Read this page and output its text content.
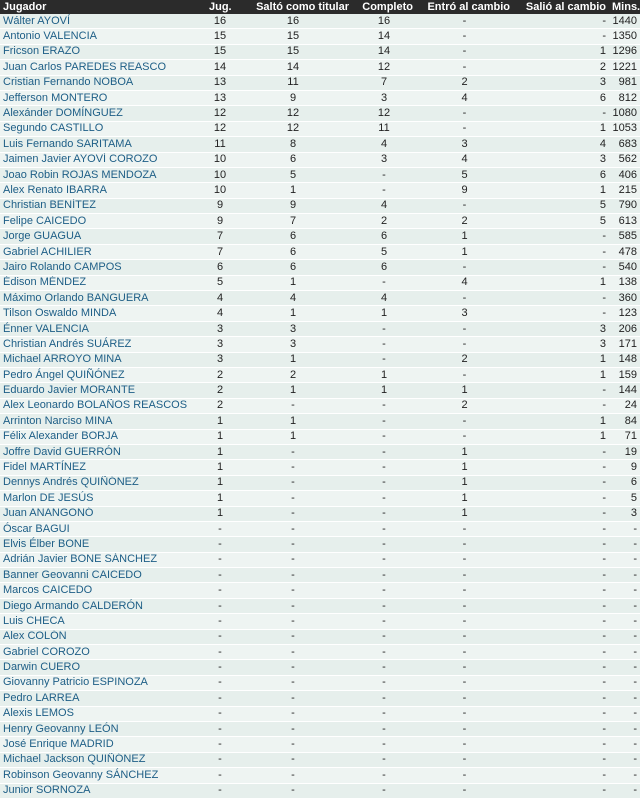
Jugador	Jug.	Saltó como titular	Completo	Entró al cambio	Salió al cambio	Mins.
Wálter AYOVÍ	16	16	16	-	-	1440
Antonio VALENCIA	15	15	14	-	-	1350
Fricson ERAZO	15	15	14	-	1	1296
Juan Carlos PAREDES REASCO	14	14	12	-	2	1221
Cristian Fernando NOBOA	13	11	7	2	3	981
Jefferson MONTERO	13	9	3	4	6	812
Alexánder DOMÍNGUEZ	12	12	12	-	-	1080
Segundo CASTILLO	12	12	11	-	1	1053
Luis Fernando SARITAMA	11	8	4	3	4	683
Jaimen Javier AYOVÍ COROZO	10	6	3	4	3	562
Joao Robin ROJAS MENDOZA	10	5	-	5	6	406
Alex Renato IBARRA	10	1	-	9	1	215
Christian BENÍTEZ	9	9	4	-	5	790
Felipe CAICEDO	9	7	2	2	5	613
Jorge GUAGUA	7	6	6	1	-	585
Gabriel ACHILIER	7	6	5	1	-	478
Jairo Rolando CAMPOS	6	6	6	-	-	540
Édison MÉNDEZ	5	1	-	4	1	138
Máximo Orlando BANGUERA	4	4	4	-	-	360
Tilson Oswaldo MINDA	4	1	1	3	-	123
Énner VALENCIA	3	3	-	-	3	206
Christian Andrés SUÁREZ	3	3	-	-	3	171
Michael ARROYO MINA	3	1	-	2	1	148
Pedro Ángel QUIÑÓNEZ	2	2	1	-	1	159
Eduardo Javier MORANTE	2	1	1	1	-	144
Alex Leonardo BOLAÑOS REASCOS	2	-	-	2	-	24
Arrinton Narciso MINA	1	1	-	-	1	84
Félix Alexander BORJA	1	1	-	-	1	71
Joffre David GUERRÓN	1	-	-	1	-	19
Fidel MARTÍNEZ	1	-	-	1	-	9
Dennys Andrés QUIÑÓNEZ	1	-	-	1	-	6
Marlon DE JESÚS	1	-	-	1	-	5
Juan ANANGONÓ	1	-	-	1	-	3
Óscar BAGUI	-	-	-	-	-	-
Elvis Élber BONE	-	-	-	-	-	-
Adrián Javier BONE SÁNCHEZ	-	-	-	-	-	-
Banner Geovanni CAICEDO	-	-	-	-	-	-
Marcos CAICEDO	-	-	-	-	-	-
Diego Armando CALDERÓN	-	-	-	-	-	-
Luis CHECA	-	-	-	-	-	-
Alex COLÓN	-	-	-	-	-	-
Gabriel COROZO	-	-	-	-	-	-
Darwin CUERO	-	-	-	-	-	-
Giovanny Patricio ESPINOZA	-	-	-	-	-	-
Pedro LARREA	-	-	-	-	-	-
Alexis LEMOS	-	-	-	-	-	-
Henry Geovanny LEÓN	-	-	-	-	-	-
José Enrique MADRID	-	-	-	-	-	-
Michael Jackson QUIÑÓNEZ	-	-	-	-	-	-
Robinson Geovanny SÁNCHEZ	-	-	-	-	-	-
Junior SORNOZA	-	-	-	-	-	-
